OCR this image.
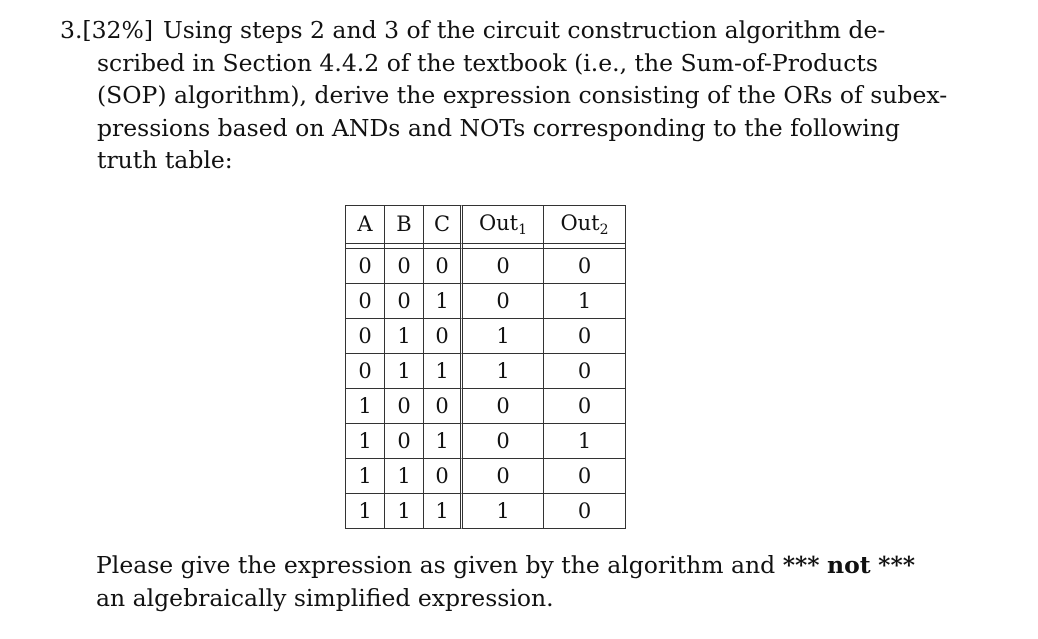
3. [32%] Using steps 2 and 3 of the circuit construction algorithm de-
scribed in Section 4.4.2 of the textbook (i.e., the Sum-of-Products
(SOP) algorithm), derive the expression consisting of the ORs of subex-
pressions based on ANDs and NOTs corresponding to the following
truth table:
A	B	C	Out$_1$	Out$_2$

0	0	0	0	0
0	0	1	0	1
0	1	0	1	0
0	1	1	1	0
1	0	0	0	0
1	0	1	0	1
1	1	0	0	0
1	1	1	1	0
Please give the expression as given by the algorithm and *** not ***
an algebraically simplified expression.
